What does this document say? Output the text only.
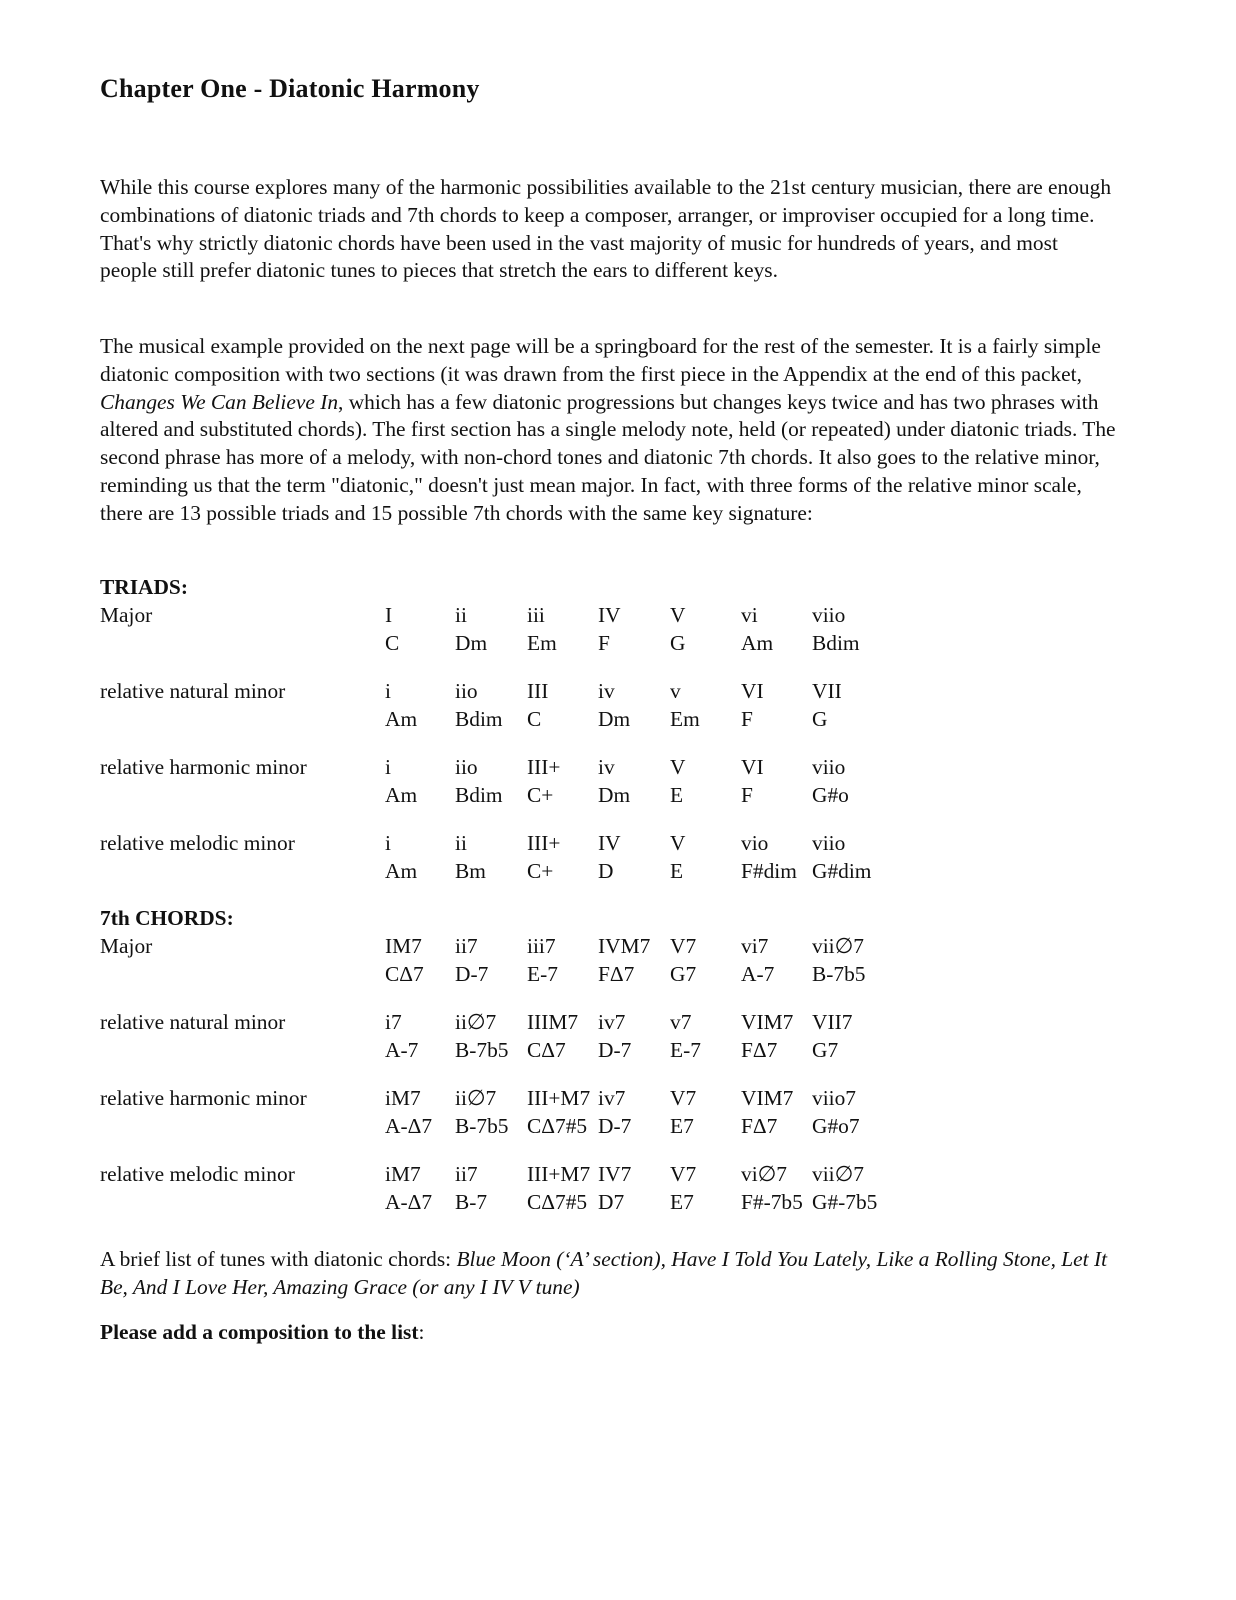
Chapter One - Diatonic Harmony

While this course explores many of the harmonic possibilities available to the 21st century musician, there are enough combinations of diatonic triads and 7th chords to keep a composer, arranger, or improviser occupied for a long time. That's why strictly diatonic chords have been used in the vast majority of music for hundreds of years, and most people still prefer diatonic tunes to pieces that stretch the ears to different keys.

The musical example provided on the next page will be a springboard for the rest of the semester. It is a fairly simple diatonic composition with two sections (it was drawn from the first piece in the Appendix at the end of this packet, Changes We Can Believe In, which has a few diatonic progressions but changes keys twice and has two phrases with altered and substituted chords). The first section has a single melody note, held (or repeated) under diatonic triads. The second phrase has more of a melody, with non-chord tones and diatonic 7th chords. It also goes to the relative minor, reminding us that the term "diatonic," doesn't just mean major. In fact, with three forms of the relative minor scale, there are 13 possible triads and 15 possible 7th chords with the same key signature:

TRIADS:
Major	I	ii	iii IV V	vi	viio
C	Dm Em F	G	Am Bdim
relative natural minor	i	iio III iv	v	VI VII
Am Bdim C	Dm Em F	G
relative harmonic minor	i	iio III+ iv	V	VI viio
Am Bdim C+ Dm E	F	G#o
relative melodic minor	i	ii	III+ IV V	vio viio
Am Bm C+ D	E	F#dim G#dim
7th CHORDS:
Major	IM7 ii7 iii7 IVM7 V7 vi7 vii∅7
CΔ7 D-7 E-7 FΔ7 G7 A-7 B-7b5
relative natural minor	i7 ii∅7 IIIM7 iv7 v7 VIM7 VII7
A-7 B-7b5 CΔ7 D-7 E-7 FΔ7 G7
relative harmonic minor	iM7 ii∅7 III+M7 iv7 V7 VIM7 viio7
A-Δ7 B-7b5 CΔ7#5 D-7 E7 FΔ7 G#o7
relative melodic minor	iM7 ii7 III+M7 IV7 V7 vi∅7 vii∅7
A-Δ7 B-7 CΔ7#5 D7 E7 F#-7b5 G#-7b5

A brief list of tunes with diatonic chords: Blue Moon (‘A’ section), Have I Told You Lately, Like a Rolling Stone, Let It Be, And I Love Her, Amazing Grace (or any I IV V tune)

Please add a composition to the list:
